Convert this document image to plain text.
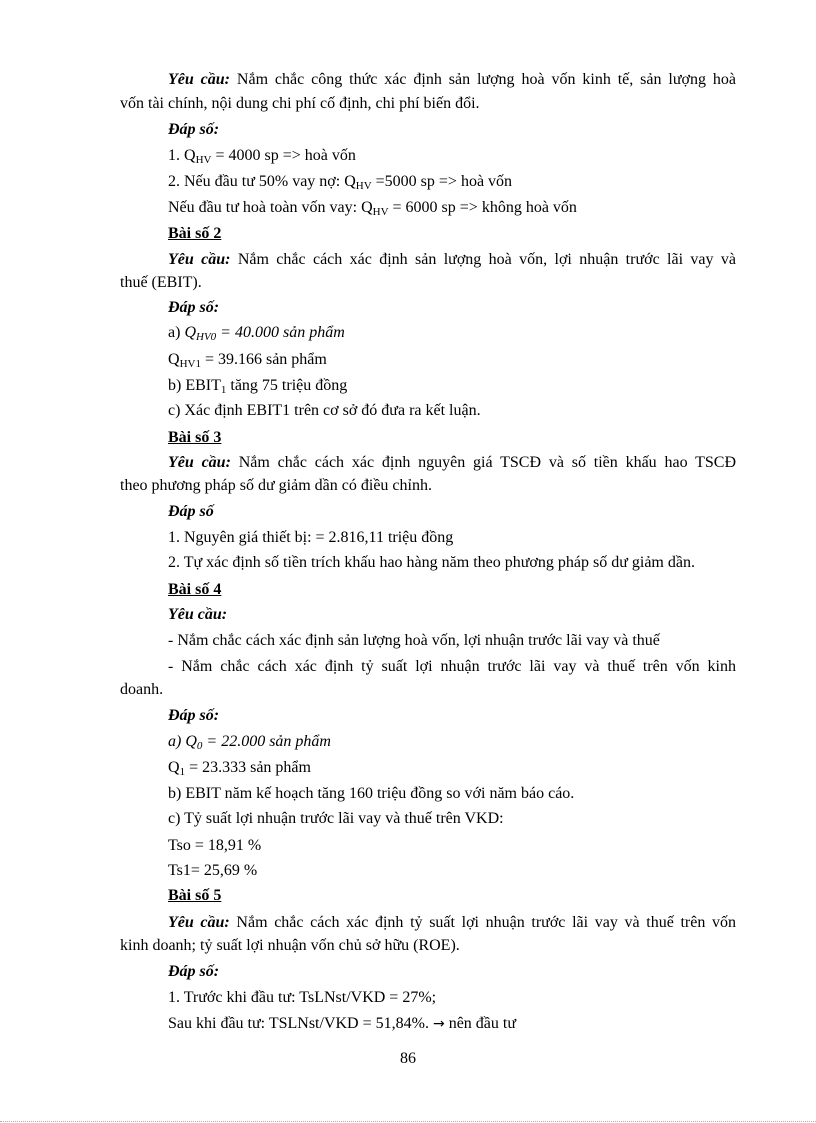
Yêu cầu: Nắm chắc công thức xác định sản lượng hoà vốn kinh tế, sản lượng hoà
vốn tài chính, nội dung chi phí cố định, chi phí biến đổi.
Đáp số:
1. $Q_{HV} = 4000$ sp => hoà vốn
2. Nếu đầu tư 50% vay nợ: $Q_{HV} =5000$ sp => hoà vốn
Nếu đầu tư hoà toàn vốn vay: $Q_{HV} = 6000$ sp => không hoà vốn
Bài số 2
Yêu cầu: Nắm chắc cách xác định sản lượng hoà vốn, lợi nhuận trước lãi vay và
thuế (EBIT).
Đáp số:
a) $Q_{HV0} = 40.000$ sản phẩm
$Q_{HV1} = 39.166$ sản phẩm
b) $EBIT_1$ tăng 75 triệu đồng
c) Xác định EBIT1 trên cơ sở đó đưa ra kết luận.
Bài số 3
Yêu cầu: Nắm chắc cách xác định nguyên giá TSCĐ và số tiền khấu hao TSCĐ
theo phương pháp số dư giảm dần có điều chỉnh.
Đáp số
1. Nguyên giá thiết bị: = 2.816,11 triệu đồng
2. Tự xác định số tiền trích khấu hao hàng năm theo phương pháp số dư giảm dần.
Bài số 4
Yêu cầu:
- Nắm chắc cách xác định sản lượng hoà vốn, lợi nhuận trước lãi vay và thuế
- Nắm chắc cách xác định tỷ suất lợi nhuận trước lãi vay và thuế trên vốn kinh
doanh.
Đáp số:
a) $Q_0 = 22.000$ sản phẩm
$Q_1 = 23.333$ sản phẩm
b) EBIT năm kế hoạch tăng 160 triệu đồng so với năm báo cáo.
c) Tỷ suất lợi nhuận trước lãi vay và thuế trên VKD:
Tso = 18,91 %
Ts1= 25,69 %
Bài số 5
Yêu cầu: Nắm chắc cách xác định tỷ suất lợi nhuận trước lãi vay và thuế trên vốn
kinh doanh; tỷ suất lợi nhuận vốn chủ sở hữu (ROE).
Đáp số:
1. Trước khi đầu tư: TsLNst/VKD = 27%;
Sau khi đầu tư: TSLNst/VKD = 51,84%. → nên đầu tư
86
